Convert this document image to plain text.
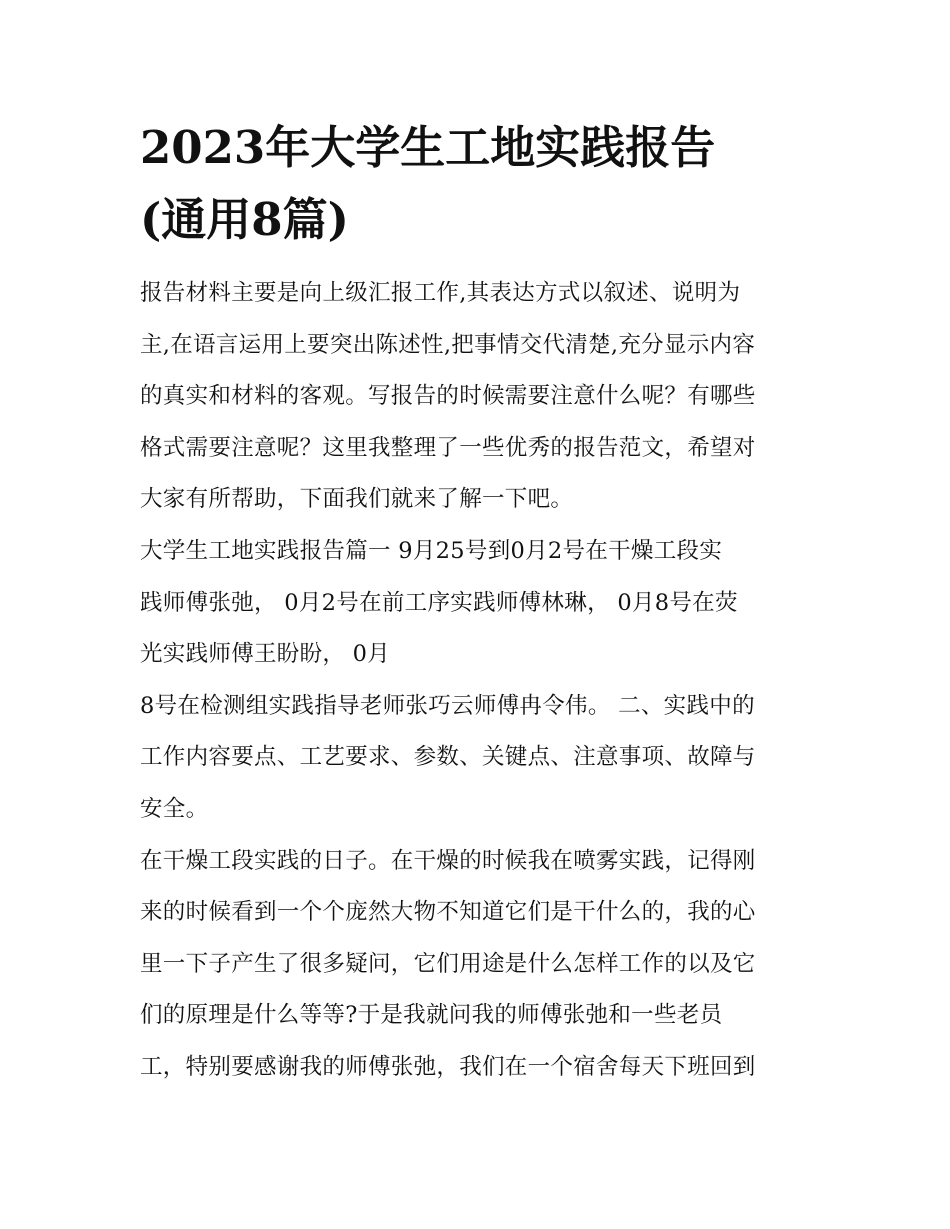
2023年大学生工地实践报告
(通用8篇)

报告材料主要是向上级汇报工作,其表达方式以叙述、说明为
主,在语言运用上要突出陈述性,把事情交代清楚,充分显示内容
的真实和材料的客观。写报告的时候需要注意什么呢？有哪些
格式需要注意呢？这里我整理了一些优秀的报告范文，希望对
大家有所帮助，下面我们就来了解一下吧。

大学生工地实践报告篇一 9月25号到0月2号在干燥工段实
践师傅张弛， 0月2号在前工序实践师傅林琳， 0月8号在荧
光实践师傅王盼盼， 0月

8号在检测组实践指导老师张巧云师傅冉令伟。 二、实践中的
工作内容要点、工艺要求、参数、关键点、注意事项、故障与
安全。

在干燥工段实践的日子。在干燥的时候我在喷雾实践，记得刚
来的时候看到一个个庞然大物不知道它们是干什么的，我的心
里一下子产生了很多疑问，它们用途是什么怎样工作的以及它
们的原理是什么等等?于是我就问我的师傅张弛和一些老员
工，特别要感谢我的师傅张弛，我们在一个宿舍每天下班回到
